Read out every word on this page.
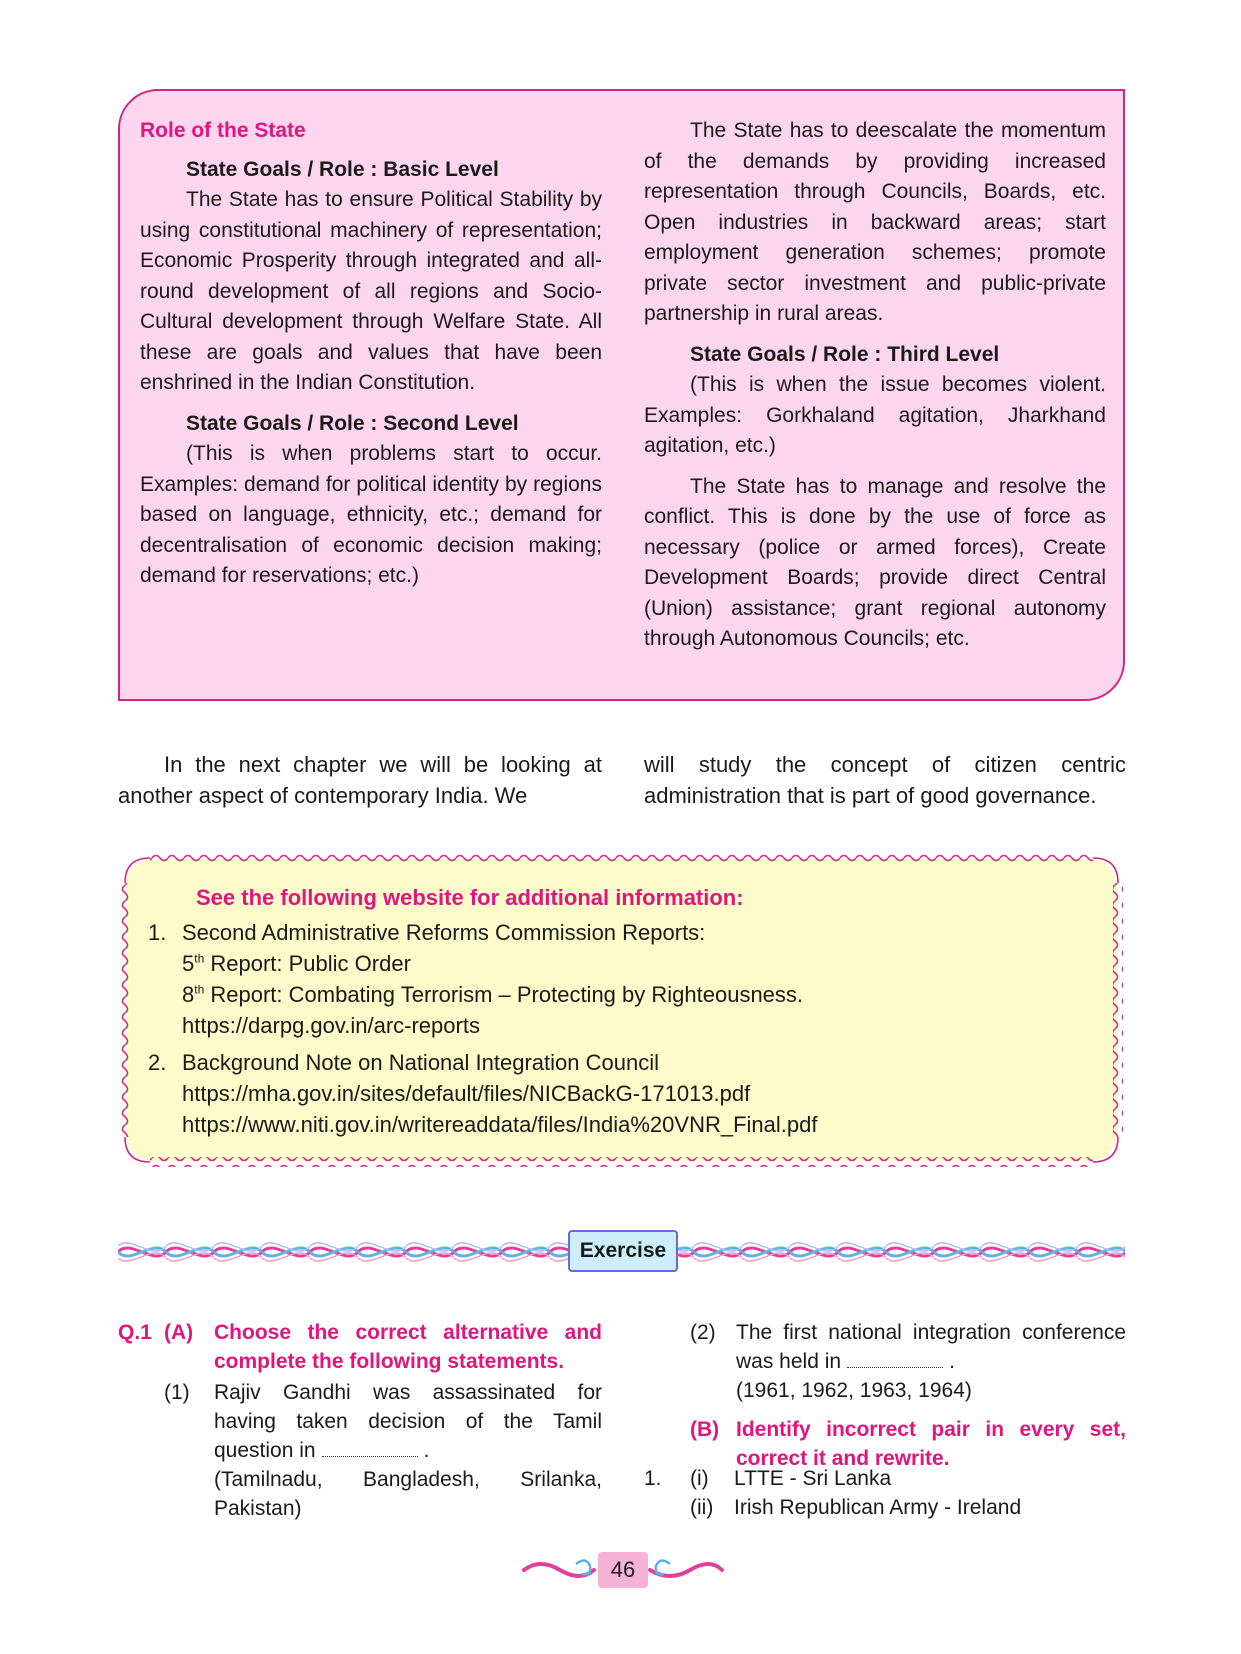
Role of the State

State Goals / Role : Basic Level

The State has to ensure Political Stability by using constitutional machinery of representation; Economic Prosperity through integrated and all-round development of all regions and Socio-Cultural development through Welfare State. All these are goals and values that have been enshrined in the Indian Constitution.

State Goals / Role : Second Level

(This is when problems start to occur. Examples: demand for political identity by regions based on language, ethnicity, etc.; demand for decentralisation of economic decision making; demand for reservations; etc.)

The State has to deescalate the momentum of the demands by providing increased representation through Councils, Boards, etc. Open industries in backward areas; start employment generation schemes; promote private sector investment and public-private partnership in rural areas.

State Goals / Role : Third Level

(This is when the issue becomes violent. Examples: Gorkhaland agitation, Jharkhand agitation, etc.)

The State has to manage and resolve the conflict. This is done by the use of force as necessary (police or armed forces), Create Development Boards; provide direct Central (Union) assistance; grant regional autonomy through Autonomous Councils; etc.

In the next chapter we will be looking at another aspect of contemporary India. We

will study the concept of citizen centric administration that is part of good governance.

See the following website for additional information:

1. Second Administrative Reforms Commission Reports:

5th Report: Public Order

8th Report: Combating Terrorism – Protecting by Righteousness.

https://darpg.gov.in/arc-reports

2. Background Note on National Integration Council

https://mha.gov.in/sites/default/files/NICBackG-171013.pdf

https://www.niti.gov.in/writereaddata/files/India%20VNR_Final.pdf

Exercise
Q.1 (A) Choose the correct alternative and complete the following statements.
(1)	Rajiv Gandhi was assassinated for having taken decision of the Tamil question in	.

(Tamilnadu, Bangladesh, Srilanka, Pakistan)

(2) The first national integration conference was held in	.

(1961, 1962, 1963, 1964)

(B) Identify incorrect pair in every set, correct it and rewrite.
1.	(i)	LTTE - Sri Lanka
(ii) Irish Republican Army - Ireland
46
